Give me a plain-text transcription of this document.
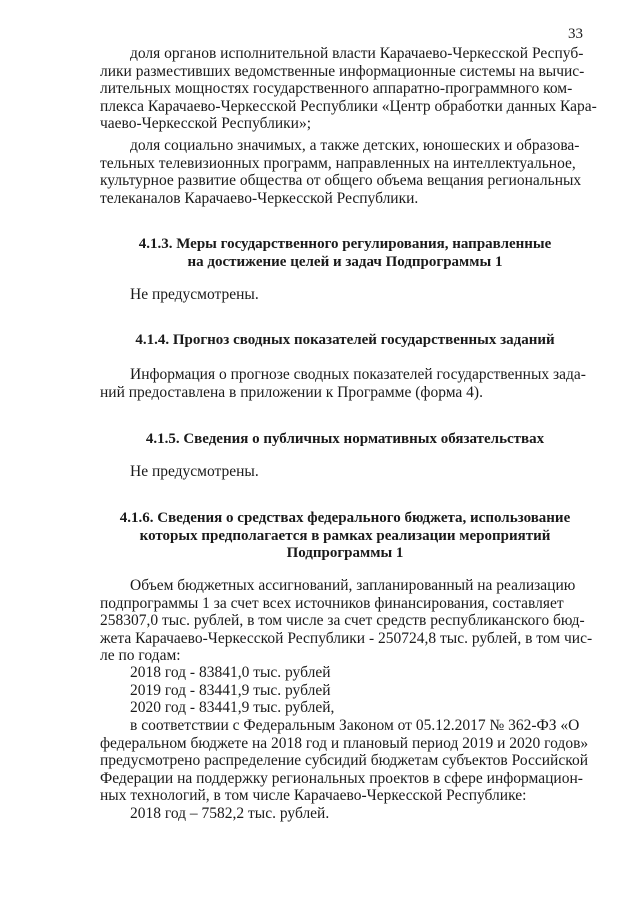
33
доля органов исполнительной власти Карачаево-Черкесской Респуб-
лики разместивших ведомственные информационные системы на вычис-
лительных мощностях государственного аппаратно-программного ком-
плекса Карачаево-Черкесской Республики «Центр обработки данных Кара-
чаево-Черкесской Республики»;
доля социально значимых, а также детских, юношеских и образова-
тельных телевизионных программ, направленных на интеллектуальное,
культурное развитие общества от общего объема вещания региональных
телеканалов Карачаево-Черкесской Республики.
4.1.3. Меры государственного регулирования, направленные
на достижение целей и задач Подпрограммы 1
Не предусмотрены.
4.1.4. Прогноз сводных показателей государственных заданий
Информация о прогнозе сводных показателей государственных зада-
ний предоставлена в приложении к Программе (форма 4).
4.1.5. Сведения о публичных нормативных обязательствах
Не предусмотрены.
4.1.6. Сведения о средствах федерального бюджета, использование
которых предполагается в рамках реализации мероприятий
Подпрограммы 1
Объем бюджетных ассигнований, запланированный на реализацию
подпрограммы 1 за счет всех источников финансирования, составляет
258307,0 тыс. рублей, в том числе за счет средств республиканского бюд-
жета Карачаево-Черкесской Республики - 250724,8 тыс. рублей, в том чис-
ле по годам:
2018 год - 83841,0 тыс. рублей
2019 год - 83441,9 тыс. рублей
2020 год - 83441,9 тыс. рублей,
в соответствии с Федеральным Законом от 05.12.2017 № 362-ФЗ «О
федеральном бюджете на 2018 год и плановый период 2019 и 2020 годов»
предусмотрено распределение субсидий бюджетам субъектов Российской
Федерации на поддержку региональных проектов в сфере информацион-
ных технологий, в том числе Карачаево-Черкесской Республике:
2018 год – 7582,2 тыс. рублей.
